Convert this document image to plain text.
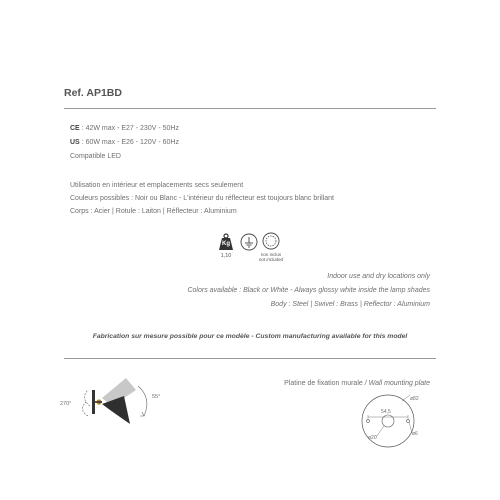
Ref. AP1BD
CE : 42W max - E27 - 230V - 50Hz
US : 60W max - E26 - 120V - 60Hz
Compatible LED
Utilisation en intérieur et emplacements secs seulement
Couleurs possibles : Noir ou Blanc - L'intérieur du réflecteur est toujours blanc brillant
Corps : Acier | Rotule : Laiton | Réflecteur : Aluminium
Kg
1,10	non inclus
not included
Indoor use and dry locations only
Colors available : Black or White - Always glossy white inside the lamp shades
Body : Steel | Swivel : Brass | Reflector : Aluminium
Fabrication sur mesure possible pour ce modèle - Custom manufacturing available for this model
270°
55°
Platine de fixation murale / Wall mounting plate
54,5
ø82
ø20
ø6
